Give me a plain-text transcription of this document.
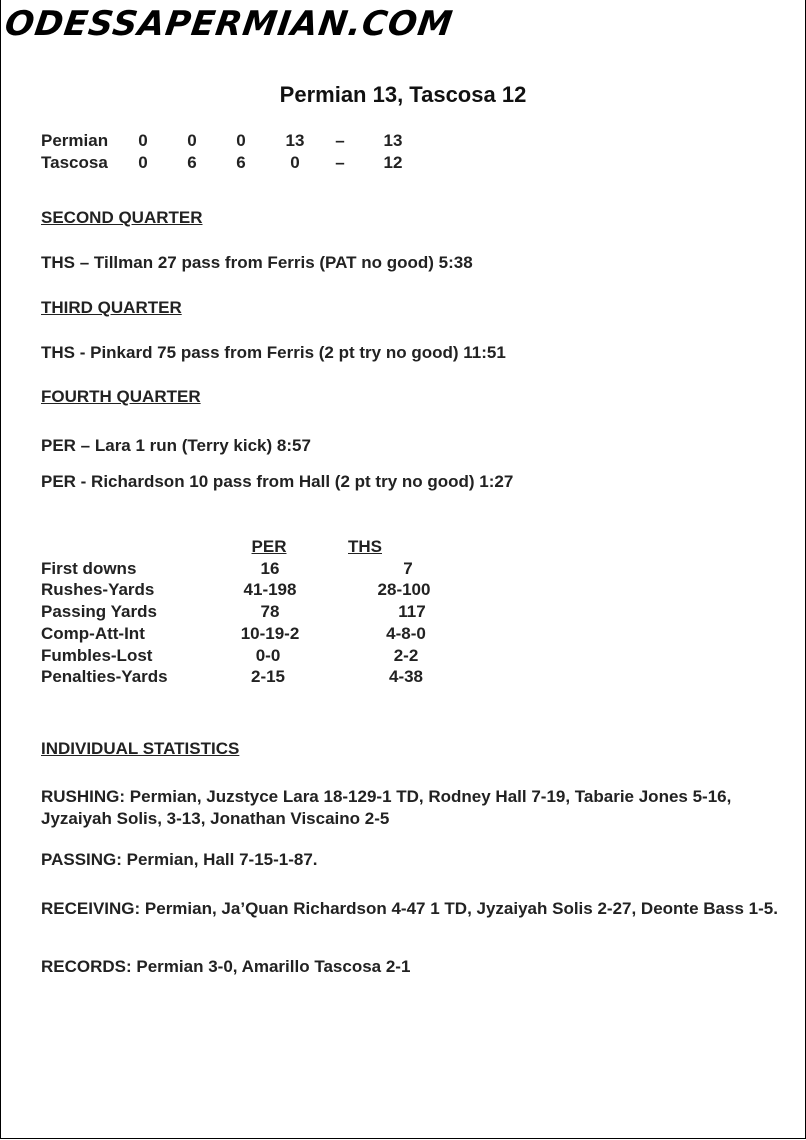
ODESSAPERMIAN.COM
Permian 13, Tascosa 12
Permian	0	0	0	13	–	13
Tascosa	0	6	6	0	–	12
SECOND QUARTER
THS – Tillman 27 pass from Ferris (PAT no good) 5:38
THIRD QUARTER
THS - Pinkard 75 pass from Ferris (2 pt try no good) 11:51
FOURTH QUARTER
PER – Lara 1 run (Terry kick) 8:57
PER - Richardson 10 pass from Hall (2 pt try no good) 1:27
PER	THS
First downs	16	7
Rushes-Yards	41-198	28-100
Passing Yards	78	117
Comp-Att-Int	10-19-2	4-8-0
Fumbles-Lost	0-0	2-2
Penalties-Yards	2-15	4-38
INDIVIDUAL STATISTICS
RUSHING: Permian, Juzstyce Lara 18-129-1 TD, Rodney Hall 7-19, Tabarie Jones 5-16, Jyzaiyah Solis, 3-13, Jonathan Viscaino 2-5
PASSING: Permian, Hall 7-15-1-87.
RECEIVING: Permian, Ja’Quan Richardson 4-47 1 TD, Jyzaiyah Solis 2-27, Deonte Bass 1-5.
RECORDS: Permian 3-0, Amarillo Tascosa 2-1
